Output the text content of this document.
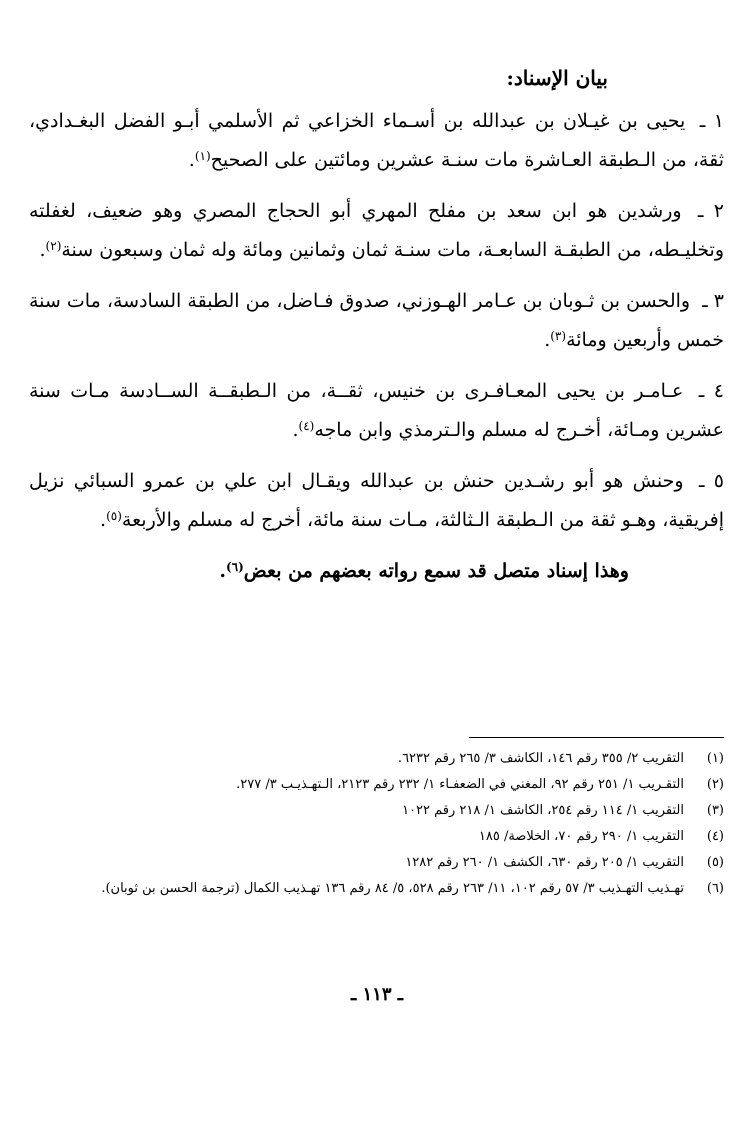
بيان الإسناد:

١ ـ يحيى بن غيـلان بن عبدالله بن أسـماء الخزاعي ثم الأسلمي أبـو الفضل البغـدادي، ثقة، من الـطبقة العـاشرة مات سنـة عشرين ومائتين على الصحيح$^{(١)}$.

٢ ـ ورشدين هو ابن سعد بن مفلح المهري أبو الحجاج المصري وهو ضعيف، لغفلته وتخليـطه، من الطبقـة السابعـة، مات سنـة ثمان وثمانين ومائة وله ثمان وسبعون سنة$^{(٢)}$.

٣ ـ والحسن بن ثـوبان بن عـامر الهـوزني، صدوق فـاضل، من الطبقة السادسة، مات سنة خمس وأربعين ومائة$^{(٣)}$.

٤ ـ عـامـر بن يحيى المعـافـرى بن خنيس، ثقــة، من الـطبقــة الســادسة مـات سنة عشرين ومـائة، أخـرج له مسلم والـترمذي وابن ماجه$^{(٤)}$.

٥ ـ وحنش هو أبو رشـدين حنش بن عبدالله ويقـال ابن علي بن عمرو السبائي نزيل إفريقية، وهـو ثقة من الـطبقة الـثالثة، مـات سنة مائة، أخرج له مسلم والأربعة$^{(٥)}$.

وهذا إسناد متصل قد سمع رواته بعضهم من بعض$^{(٦)}$.

(١)
التقريب ٢/ ٣٥٥ رقم ١٤٦، الكاشف ٣/ ٢٦٥ رقم ٦٢٣٢.
(٢)
التقـريب ١/ ٢٥١ رقم ٩٢، المغني في الضعفـاء ١/ ٢٣٢ رقم ٢١٢٣، الـتهـذيـب ٣/ ٢٧٧.
(٣)
التقريب ١/ ١١٤ رقم ٢٥٤، الكاشف ١/ ٢١٨ رقم ١٠٢٢
(٤)
التقريب ١/ ٢٩٠ رقم ٧٠، الخلاصة/ ١٨٥
(٥)
التقريب ١/ ٢٠٥ رقم ٦٣٠، الكشف ١/ ٢٦٠ رقم ١٢٨٢
(٦)
تهـذيب التهـذيب ٣/ ٥٧ رقم ١٠٢، ١١/ ٢٦٣ رقم ٥٢٨، ٥/ ٨٤ رقم ١٣٦ تهـذيب الكمال (ترجمة الحسن بن ثوبان).
ـ ١١٣ ـ
